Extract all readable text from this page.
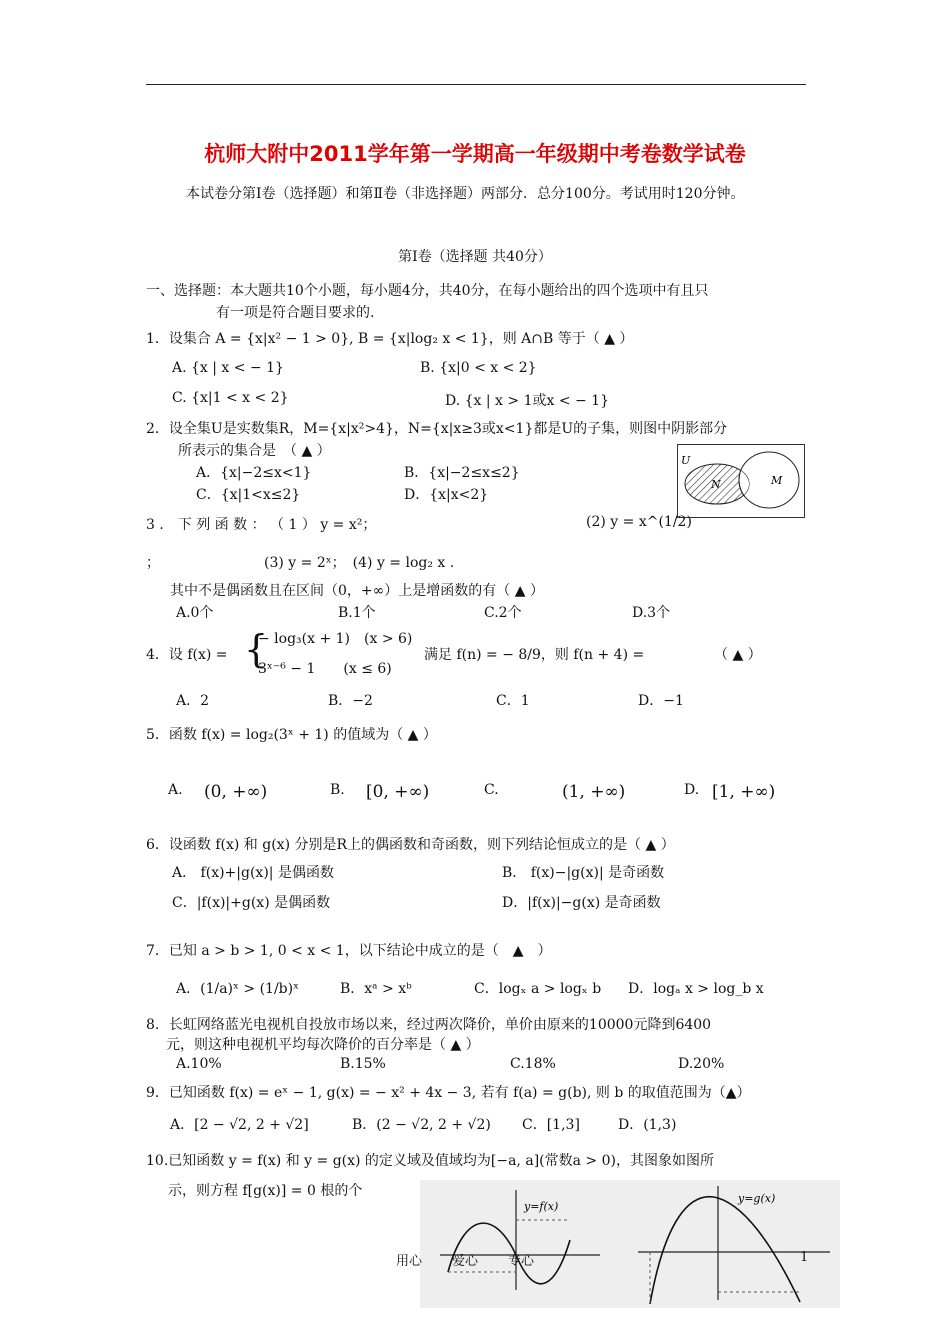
杭师大附中2011学年第一学期高一年级期中考卷数学试卷
本试卷分第Ⅰ卷（选择题）和第Ⅱ卷（非选择题）两部分．总分100分。考试用时120分钟。
第Ⅰ卷（选择题 共40分）
一、选择题：本大题共10个小题，每小题4分，共40分，在每小题给出的四个选项中有且只
有一项是符合题目要求的.
1．设集合 A = {x|x² − 1 > 0}, B = {x|log₂ x < 1}，则 A∩B 等于（ ▲ ）
A. {x | x < − 1}	B. {x|0 < x < 2}
C. {x|1 < x < 2}	D. {x | x > 1或x < − 1}
2．设全集U是实数集R，M={x|x²>4}，N={x|x≥3或x<1}都是U的子集，则图中阴影部分
所表示的集合是　（ ▲ ）
A．{x|−2≤x<1}	B．{x|−2≤x≤2}
C．{x|1<x≤2}	D．{x|x<2}
U
N	M
3 ． 下 列 函 数 ： （ 1 ） y = x²；	(2) y = x^(1/2)
；	(3) y = 2ˣ；　(4) y = log₂ x .
其中不是偶函数且在区间（0，+∞）上是增函数的有（ ▲ ）
A.0个	B.1个	C.2个	D.3个
4．设 f(x) = {
− log₃(x + 1)　(x > 6)
3ˣ⁻⁶ − 1　　(x ≤ 6)
满足 f(n) = − 8/9，则 f(n + 4) =	（ ▲ ）
A．2	B．−2	C．1	D．−1
5．函数 f(x) = log₂(3ˣ + 1) 的值域为（ ▲ ）
A. (0, +∞)	B. [0, +∞)	C.	(1, +∞)	D. [1, +∞)
6．设函数 f(x) 和 g(x) 分别是R上的偶函数和奇函数，则下列结论恒成立的是（ ▲ ）
A． f(x)+|g(x)| 是偶函数	B． f(x)−|g(x)| 是奇函数
C．|f(x)|+g(x) 是偶函数	D．|f(x)|−g(x) 是奇函数
7．已知 a > b > 1, 0 < x < 1，以下结论中成立的是（　▲　）
A．(1/a)ˣ > (1/b)ˣ	B．xᵃ > xᵇ	C．logₓ a > logₓ b D．logₐ x > log_b x
8．长虹网络蓝光电视机自投放市场以来，经过两次降价，单价由原来的10000元降到6400
元，则这种电视机平均每次降价的百分率是（ ▲ ）
A.10%	B.15%	C.18%	D.20%
9．已知函数 f(x) = eˣ − 1, g(x) = − x² + 4x − 3, 若有 f(a) = g(b), 则 b 的取值范围为（▲）
A．[2 − √2, 2 + √2]	B．(2 − √2, 2 + √2) C．[1,3]	D．(1,3)
10.已知函数 y = f(x) 和 y = g(x) 的定义域及值域均为[−a, a](常数a > 0)，其图象如图所
示，则方程 f[g(x)] = 0 根的个
y=f(x)
y=g(x)
用心 爱心 专心	1
